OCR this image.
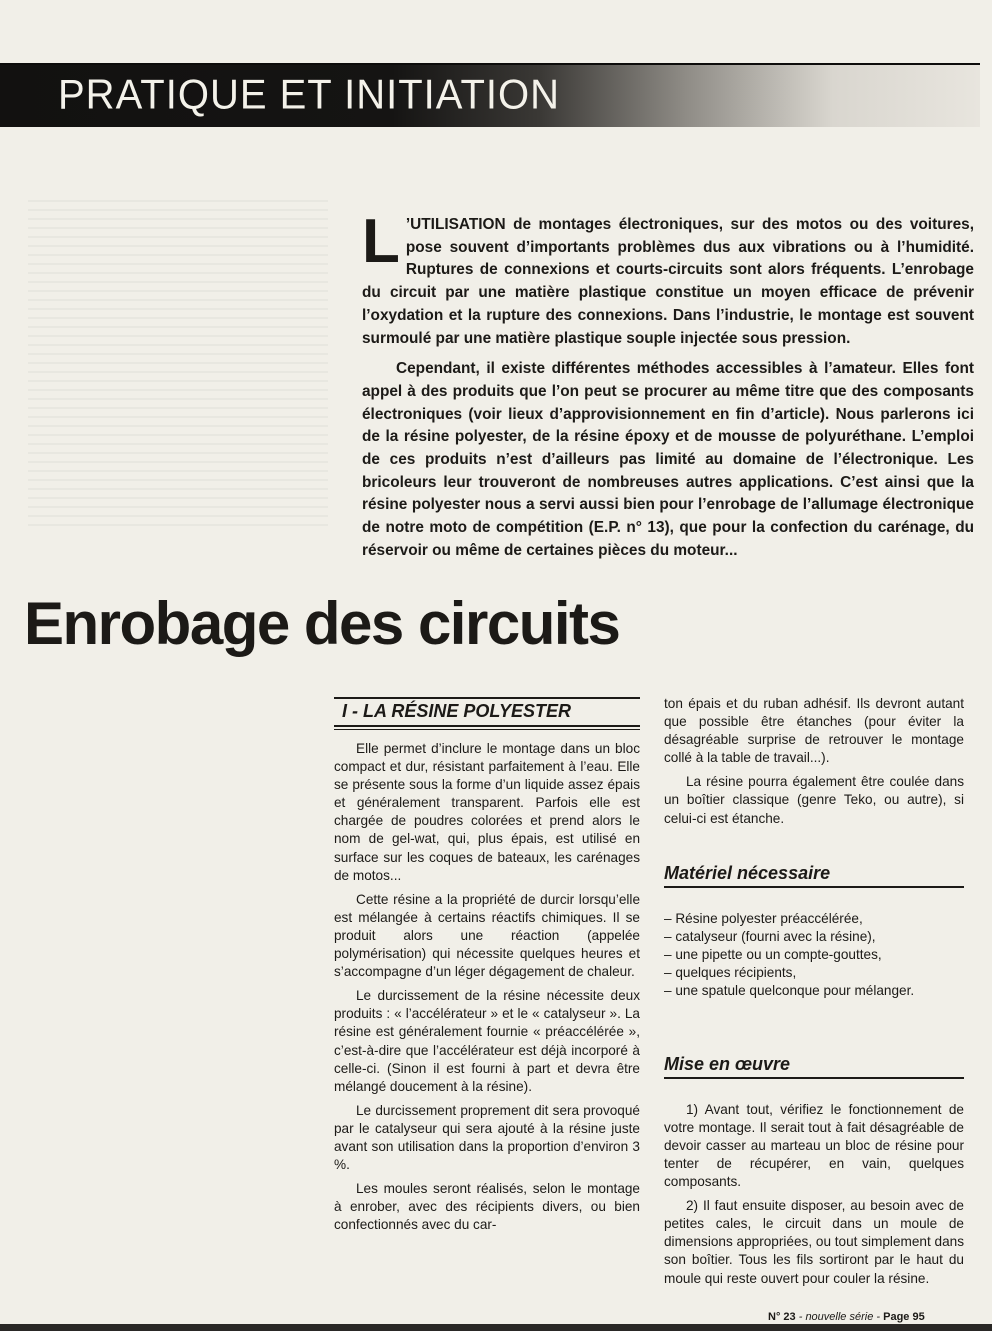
PRATIQUE ET INITIATION

L ’UTILISATION de montages électroniques, sur des motos ou des voitures, pose souvent d’importants problèmes dus aux vibrations ou à l’humidité. Ruptures de connexions et courts-circuits sont alors fréquents. L’enrobage du circuit par une matière plastique constitue un moyen efficace de prévenir l’oxydation et la rupture des connexions. Dans l’industrie, le montage est souvent surmoulé par une matière plastique souple injectée sous pression.

Cependant, il existe différentes méthodes accessibles à l’amateur. Elles font appel à des produits que l’on peut se procurer au même titre que des composants électroniques (voir lieux d’approvisionnement en fin d’article). Nous parlerons ici de la résine polyester, de la résine époxy et de mousse de polyuréthane. L’emploi de ces produits n’est d’ailleurs pas limité au domaine de l’électronique. Les bricoleurs leur trouveront de nombreuses autres applications. C’est ainsi que la résine polyester nous a servi aussi bien pour l’enrobage de l’allumage électronique de notre moto de compétition (E.P. n° 13), que pour la confection du carénage, du réservoir ou même de certaines pièces du moteur...

Enrobage des circuits
I - LA RÉSINE POLYESTER

Elle permet d’inclure le montage dans un bloc compact et dur, résistant parfaitement à l’eau. Elle se présente sous la forme d’un liquide assez épais et généralement transparent. Parfois elle est chargée de poudres colorées et prend alors le nom de gel-wat, qui, plus épais, est utilisé en surface sur les coques de bateaux, les carénages de motos...

Cette résine a la propriété de durcir lorsqu’elle est mélangée à certains réactifs chimiques. Il se produit alors une réaction (appelée polymérisation) qui nécessite quelques heures et s’accompagne d’un léger dégagement de chaleur.

Le durcissement de la résine nécessite deux produits : « l’accélérateur » et le « catalyseur ». La résine est généralement fournie « préaccélérée », c’est-à-dire que l’accélérateur est déjà incorporé à celle-ci. (Sinon il est fourni à part et devra être mélangé doucement à la résine).

Le durcissement proprement dit sera provoqué par le catalyseur qui sera ajouté à la résine juste avant son utilisation dans la proportion d’environ 3 %.

Les moules seront réalisés, selon le montage à enrober, avec des récipients divers, ou bien confectionnés avec du car-

ton épais et du ruban adhésif. Ils devront autant que possible être étanches (pour éviter la désagréable surprise de retrouver le montage collé à la table de travail...).

La résine pourra également être coulée dans un boîtier classique (genre Teko, ou autre), si celui-ci est étanche.

Matériel nécessaire
– Résine polyester préaccélérée,
– catalyseur (fourni avec la résine),
– une pipette ou un compte-gouttes,
– quelques récipients,
– une spatule quelconque pour mélanger.
Mise en œuvre

1) Avant tout, vérifiez le fonctionnement de votre montage. Il serait tout à fait désagréable de devoir casser au marteau un bloc de résine pour tenter de récupérer, en vain, quelques composants.

2) Il faut ensuite disposer, au besoin avec de petites cales, le circuit dans un moule de dimensions appropriées, ou tout simplement dans son boîtier. Tous les fils sortiront par le haut du moule qui reste ouvert pour couler la résine.

N° 23 - nouvelle série - Page 95
